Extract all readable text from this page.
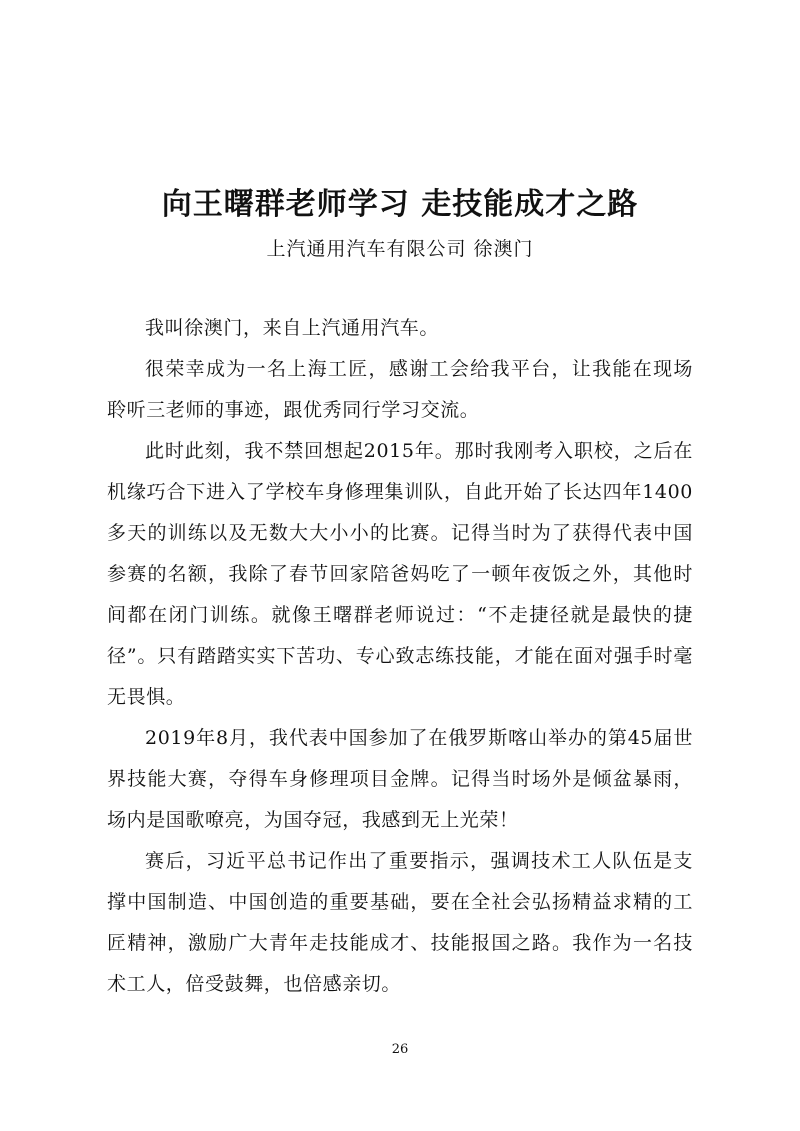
向王曙群老师学习 走技能成才之路
上汽通用汽车有限公司 徐澳门

我叫徐澳门，来自上汽通用汽车。

很荣幸成为一名上海工匠，感谢工会给我平台，让我能在现场聆听三老师的事迹，跟优秀同行学习交流。

此时此刻，我不禁回想起2015年。那时我刚考入职校，之后在机缘巧合下进入了学校车身修理集训队，自此开始了长达四年1400多天的训练以及无数大大小小的比赛。记得当时为了获得代表中国参赛的名额，我除了春节回家陪爸妈吃了一顿年夜饭之外，其他时间都在闭门训练。就像王曙群老师说过：“不走捷径就是最快的捷径”。只有踏踏实实下苦功、专心致志练技能，才能在面对强手时毫无畏惧。

2019年8月，我代表中国参加了在俄罗斯喀山举办的第45届世界技能大赛，夺得车身修理项目金牌。记得当时场外是倾盆暴雨，场内是国歌嘹亮，为国夺冠，我感到无上光荣！

赛后，习近平总书记作出了重要指示，强调技术工人队伍是支撑中国制造、中国创造的重要基础，要在全社会弘扬精益求精的工匠精神，激励广大青年走技能成才、技能报国之路。我作为一名技术工人，倍受鼓舞，也倍感亲切。

26
